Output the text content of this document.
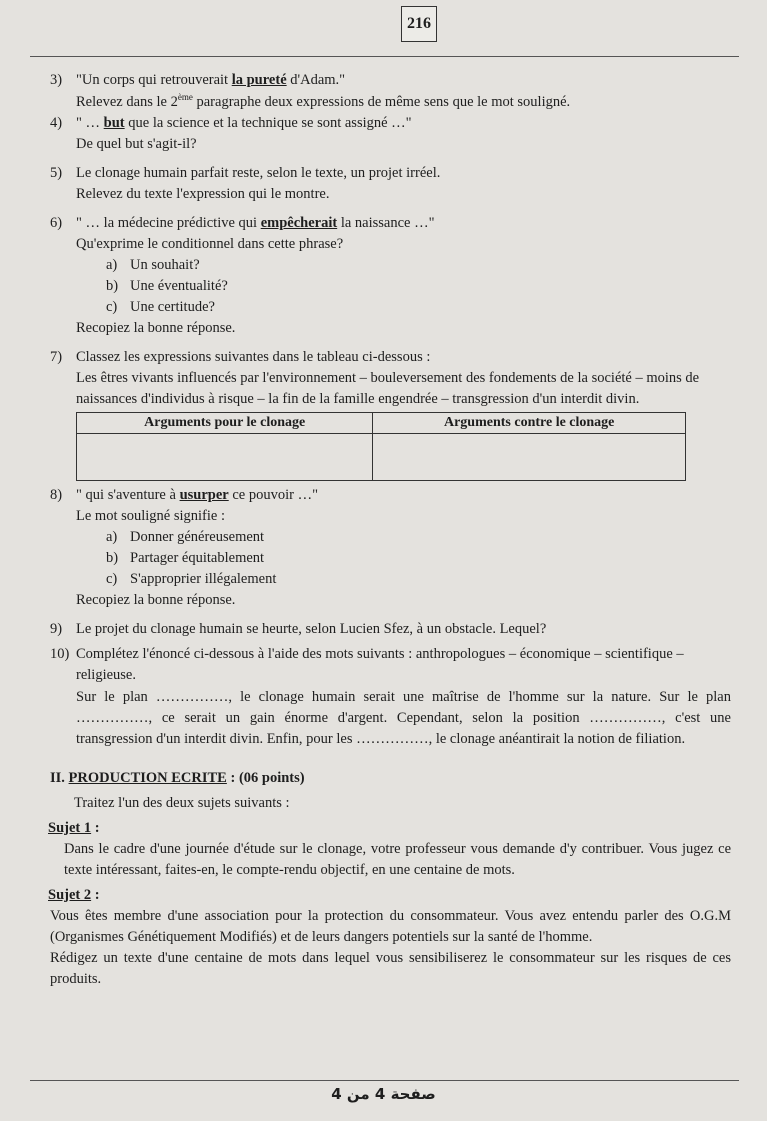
216
3) "Un corps qui retrouverait la pureté d'Adam."

Relevez dans le 2ème paragraphe deux expressions de même sens que le mot souligné.

4) " … but que la science et la technique se sont assigné …"

De quel but s'agit-il?

5) Le clonage humain parfait reste, selon le texte, un projet irréel.

Relevez du texte l'expression qui le montre.

6) " … la médecine prédictive qui empêcherait la naissance …"

Qu'exprime le conditionnel dans cette phrase?

a) Un souhait?
b) Une éventualité?
c) Une certitude?

Recopiez la bonne réponse.

7) Classez les expressions suivantes dans le tableau ci-dessous :

Les êtres vivants influencés par l'environnement – bouleversement des fondements de la société – moins de naissances d'individus à risque – la fin de la famille engendrée – transgression d'un interdit divin.

Arguments pour le clonage	Arguments contre le clonage

8) " qui s'aventure à usurper ce pouvoir …"

Le mot souligné signifie :

a) Donner généreusement
b) Partager équitablement
c) S'approprier illégalement

Recopiez la bonne réponse.

9) Le projet du clonage humain se heurte, selon Lucien Sfez, à un obstacle. Lequel?

10) Complétez l'énoncé ci-dessous à l'aide des mots suivants : anthropologues – économique – scientifique – religieuse.

Sur le plan ……………, le clonage humain serait une maîtrise de l'homme sur la nature. Sur le plan ……………, ce serait un gain énorme d'argent. Cependant, selon la position ……………, c'est une transgression d'un interdit divin. Enfin, pour les ……………, le clonage anéantirait la notion de filiation.

II. PRODUCTION ECRITE : (06 points)
Traitez l'un des deux sujets suivants :
Sujet 1 :

Dans le cadre d'une journée d'étude sur le clonage, votre professeur vous demande d'y contribuer. Vous jugez ce texte intéressant, faites-en, le compte-rendu objectif, en une centaine de mots.

Sujet 2 :

Vous êtes membre d'une association pour la protection du consommateur. Vous avez entendu parler des O.G.M (Organismes Génétiquement Modifiés) et de leurs dangers potentiels sur la santé de l'homme.

Rédigez un texte d'une centaine de mots dans lequel vous sensibiliserez le consommateur sur les risques de ces produits.

صفحة 4 من 4
